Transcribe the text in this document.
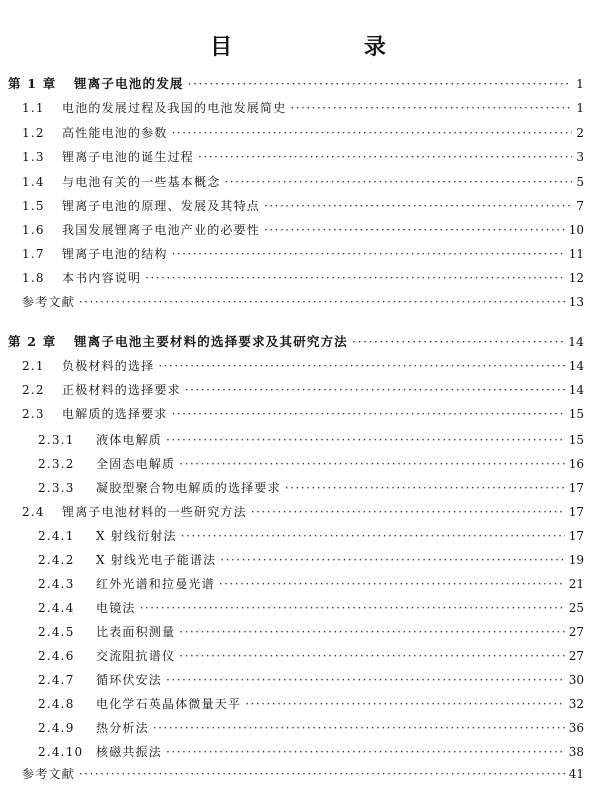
目 录
第 1 章	锂离子电池的发展 ·····	1
1.1	电池的发展过程及我国的电池发展简史 ·····	1
1.2	高性能电池的参数 ·····	2
1.3	锂离子电池的诞生过程 ·····	3
1.4	与电池有关的一些基本概念 ·····	5
1.5	锂离子电池的原理、发展及其特点 ·····	7
1.6	我国发展锂离子电池产业的必要性 ·····	10
1.7	锂离子电池的结构 ·····	11
1.8	本书内容说明 ·····	12
参考文献 ·····	13
第 2 章	锂离子电池主要材料的选择要求及其研究方法 ·····	14
2.1	负极材料的选择 ·····	14
2.2	正极材料的选择要求 ·····	14
2.3	电解质的选择要求 ·····	15
2.3.1	液体电解质 ·····	15
2.3.2	全固态电解质 ·····	16
2.3.3	凝胶型聚合物电解质的选择要求 ·····	17
2.4	锂离子电池材料的一些研究方法 ·····	17
2.4.1	X 射线衍射法 ·····	17
2.4.2	X 射线光电子能谱法 ·····	19
2.4.3	红外光谱和拉曼光谱 ·····	21
2.4.4	电镜法 ·····	25
2.4.5	比表面积测量 ·····	27
2.4.6	交流阻抗谱仪 ·····	27
2.4.7	循环伏安法 ·····	30
2.4.8	电化学石英晶体微量天平 ·····	32
2.4.9	热分析法 ·····	36
2.4.10	核磁共振法 ·····	38
参考文献 ·····	41
